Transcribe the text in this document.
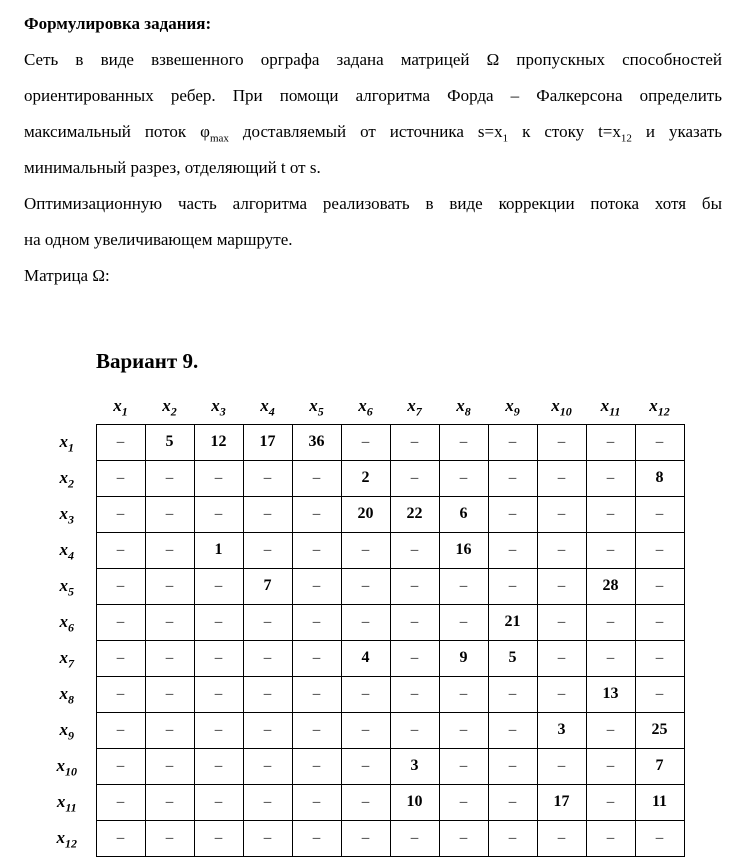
Формулировка задания:
Сеть в виде взвешенного орграфа задана матрицей Ω пропускных способностей
ориентированных ребер. При помощи алгоритма Форда – Фалкерсона определить
максимальный поток $\varphi_{max}$ доставляемый от источника $s=x_1$ к стоку $t=x_{12}$ и указать
минимальный разрез, отделяющий t от s.
Оптимизационную часть алгоритма реализовать в виде коррекции потока хотя бы
на одном увеличивающем маршруте.
Матрица Ω:
Вариант 9.
	$x_1$	$x_2$	$x_3$	$x_4$	$x_5$	$x_6$	$x_7$	$x_8$	$x_9$	$x_{10}$	$x_{11}$	$x_{12}$
$x_1$	–	5	12	17	36	–	–	–	–	–	–	–
$x_2$	–	–	–	–	–	2	–	–	–	–	–	8
$x_3$	–	–	–	–	–	20	22	6	–	–	–	–
$x_4$	–	–	1	–	–	–	–	16	–	–	–	–
$x_5$	–	–	–	7	–	–	–	–	–	–	28	–
$x_6$	–	–	–	–	–	–	–	–	21	–	–	–
$x_7$	–	–	–	–	–	4	–	9	5	–	–	–
$x_8$	–	–	–	–	–	–	–	–	–	–	13	–
$x_9$	–	–	–	–	–	–	–	–	–	3	–	25
$x_{10}$	–	–	–	–	–	–	3	–	–	–	–	7
$x_{11}$	–	–	–	–	–	–	10	–	–	17	–	11
$x_{12}$	–	–	–	–	–	–	–	–	–	–	–	–
